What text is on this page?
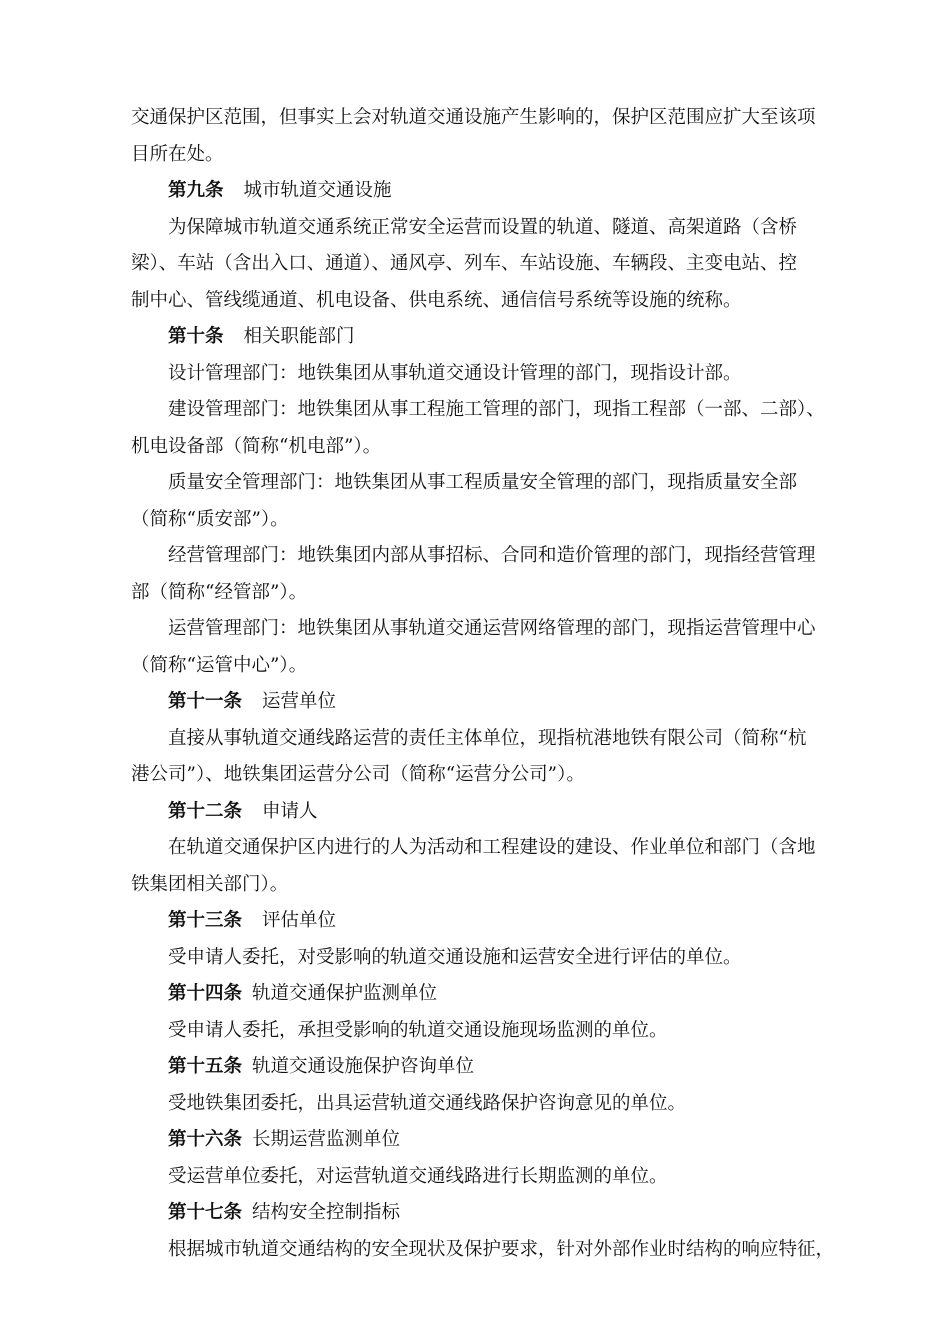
交通保护区范围，但事实上会对轨道交通设施产生影响的，保护区范围应扩大至该项

目所在处。

第九条 城市轨道交通设施

为保障城市轨道交通系统正常安全运营而设置的轨道、隧道、高架道路（含桥

梁）、车站（含出入口、通道）、通风亭、列车、车站设施、车辆段、主变电站、控

制中心、管线缆通道、机电设备、供电系统、通信信号系统等设施的统称。

第十条 相关职能部门

设计管理部门：地铁集团从事轨道交通设计管理的部门，现指设计部。

建设管理部门：地铁集团从事工程施工管理的部门，现指工程部（一部、二部）、

机电设备部（简称“机电部”）。

质量安全管理部门：地铁集团从事工程质量安全管理的部门，现指质量安全部

（简称“质安部”）。

经营管理部门：地铁集团内部从事招标、合同和造价管理的部门，现指经营管理

部（简称“经管部”）。

运营管理部门：地铁集团从事轨道交通运营网络管理的部门，现指运营管理中心

（简称“运管中心”）。

第十一条 运营单位

直接从事轨道交通线路运营的责任主体单位，现指杭港地铁有限公司（简称“杭

港公司”）、地铁集团运营分公司（简称“运营分公司”）。

第十二条 申请人

在轨道交通保护区内进行的人为活动和工程建设的建设、作业单位和部门（含地

铁集团相关部门）。

第十三条 评估单位

受申请人委托，对受影响的轨道交通设施和运营安全进行评估的单位。

第十四条 轨道交通保护监测单位

受申请人委托，承担受影响的轨道交通设施现场监测的单位。

第十五条 轨道交通设施保护咨询单位

受地铁集团委托，出具运营轨道交通线路保护咨询意见的单位。

第十六条 长期运营监测单位

受运营单位委托，对运营轨道交通线路进行长期监测的单位。

第十七条 结构安全控制指标

根据城市轨道交通结构的安全现状及保护要求，针对外部作业时结构的响应特征，
